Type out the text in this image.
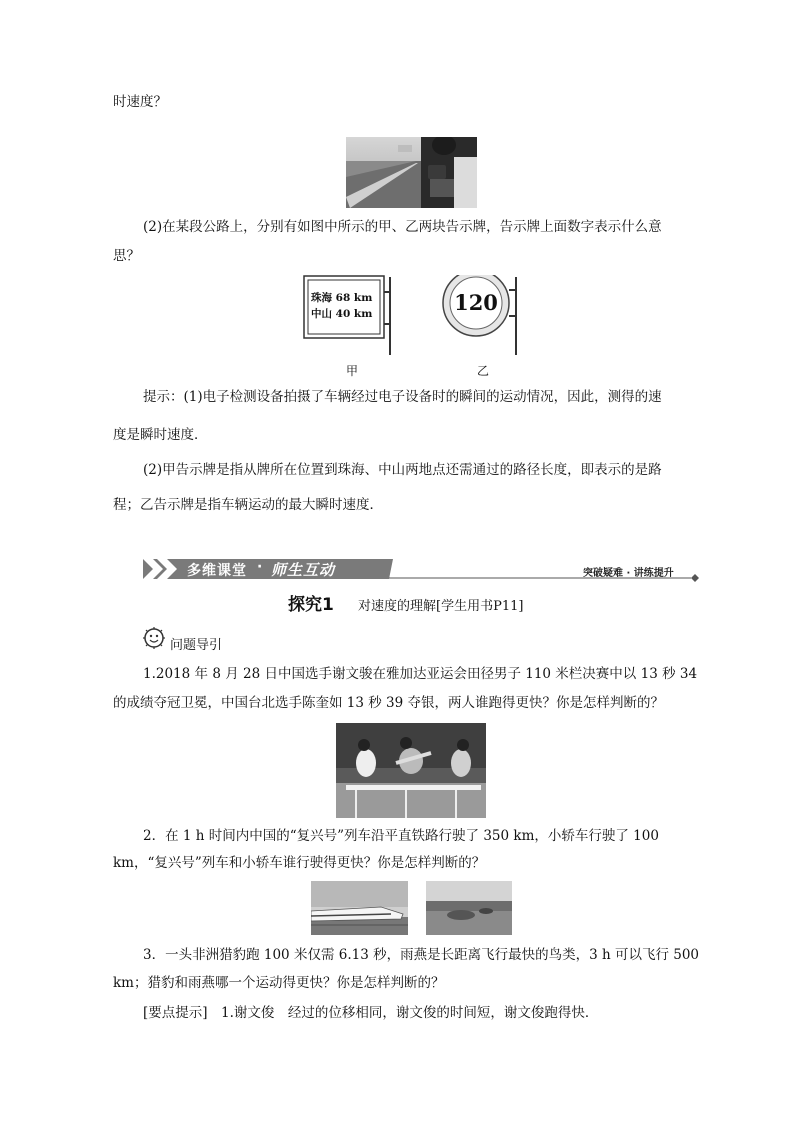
时速度？

(2)在某段公路上，分别有如图中所示的甲、乙两块告示牌，告示牌上面数字表示什么意

思？

珠海 68 km
中山 40 km	120

甲	乙

提示：(1)电子检测设备拍摄了车辆经过电子设备时的瞬间的运动情况，因此，测得的速

度是瞬时速度．

(2)甲告示牌是指从牌所在位置到珠海、中山两地点还需通过的路径长度，即表示的是路

程；乙告示牌是指车辆运动的最大瞬时速度．

多维课堂 · 师生互动	突破疑难 · 讲练提升

探究1 对速度的理解[学生用书P11]

问题导引

1.2018 年 8 月 28 日中国选手谢文骏在雅加达亚运会田径男子 110 米栏决赛中以 13 秒 34

的成绩夺冠卫冕，中国台北选手陈奎如 13 秒 39 夺银，两人谁跑得更快？你是怎样判断的？

2．在 1 h 时间内中国的“复兴号”列车沿平直铁路行驶了 350 km，小轿车行驶了 100

km，“复兴号”列车和小轿车谁行驶得更快？你是怎样判断的？

3．一头非洲猎豹跑 100 米仅需 6.13 秒，雨燕是长距离飞行最快的鸟类，3 h 可以飞行 500

km；猎豹和雨燕哪一个运动得更快？你是怎样判断的？

[要点提示]　1.谢文俊　经过的位移相同，谢文俊的时间短，谢文俊跑得快．
